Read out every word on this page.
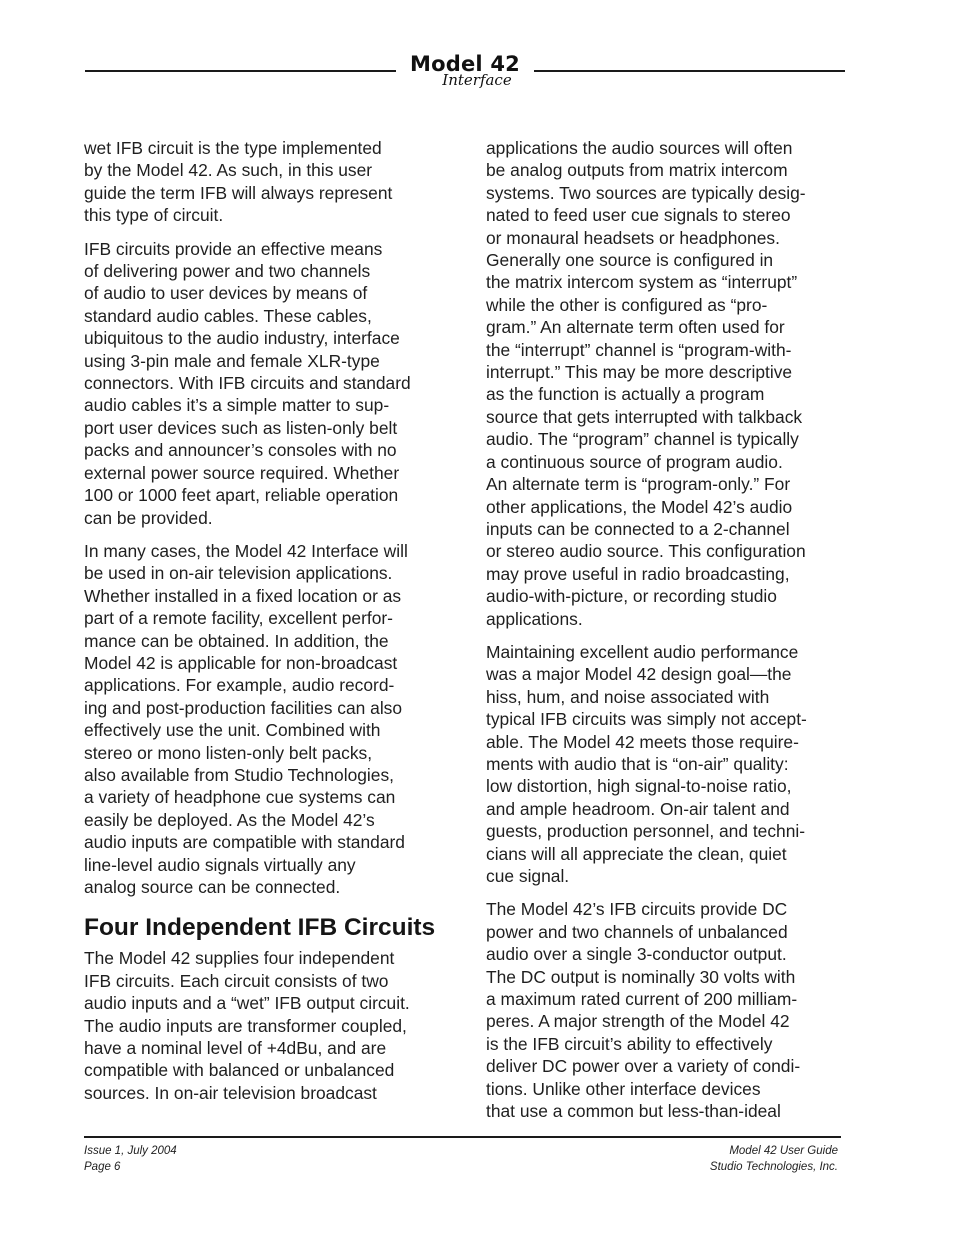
Model 42
Interface

wet IFB circuit is the type implemented
by the Model 42. As such, in this user
guide the term IFB will always represent
this type of circuit.

IFB circuits provide an effective means
of delivering power and two channels
of audio to user devices by means of
standard audio cables. These cables,
ubiquitous to the audio industry, interface
using 3-pin male and female XLR-type
connectors. With IFB circuits and standard
audio cables it’s a simple matter to sup-
port user devices such as listen-only belt
packs and announcer’s consoles with no
external power source required. Whether
100 or 1000 feet apart, reliable operation
can be provided.

In many cases, the Model 42 Interface will
be used in on-air television applications.
Whether installed in a fixed location or as
part of a remote facility, excellent perfor-
mance can be obtained. In addition, the
Model 42 is applicable for non-broadcast
applications. For example, audio record-
ing and post-production facilities can also
effectively use the unit. Combined with
stereo or mono listen-only belt packs,
also available from Studio Technologies,
a variety of headphone cue systems can
easily be deployed. As the Model 42’s
audio inputs are compatible with standard
line-level audio signals virtually any
analog source can be connected.

Four Independent IFB Circuits

The Model 42 supplies four independent
IFB circuits. Each circuit consists of two
audio inputs and a “wet” IFB output circuit.
The audio inputs are transformer coupled,
have a nominal level of +4dBu, and are
compatible with balanced or unbalanced
sources. In on-air television broadcast

applications the audio sources will often
be analog outputs from matrix intercom
systems. Two sources are typically desig-
nated to feed user cue signals to stereo
or monaural headsets or headphones.
Generally one source is configured in
the matrix intercom system as “interrupt”
while the other is configured as “pro-
gram.” An alternate term often used for
the “interrupt” channel is “program-with-
interrupt.” This may be more descriptive
as the function is actually a program
source that gets interrupted with talkback
audio. The “program” channel is typically
a continuous source of program audio.
An alternate term is “program-only.” For
other applications, the Model 42’s audio
inputs can be connected to a 2-channel
or stereo audio source. This configuration
may prove useful in radio broadcasting,
audio-with-picture, or recording studio
applications.

Maintaining excellent audio performance
was a major Model 42 design goal—the
hiss, hum, and noise associated with
typical IFB circuits was simply not accept-
able. The Model 42 meets those require-
ments with audio that is “on-air” quality:
low distortion, high signal-to-noise ratio,
and ample headroom. On-air talent and
guests, production personnel, and techni-
cians will all appreciate the clean, quiet
cue signal.

The Model 42’s IFB circuits provide DC
power and two channels of unbalanced
audio over a single 3-conductor output.
The DC output is nominally 30 volts with
a maximum rated current of 200 milliam-
peres. A major strength of the Model 42
is the IFB circuit’s ability to effectively
deliver DC power over a variety of condi-
tions. Unlike other interface devices
that use a common but less-than-ideal

Issue 1, July 2004
Page 6
Model 42 User Guide
Studio Technologies, Inc.
